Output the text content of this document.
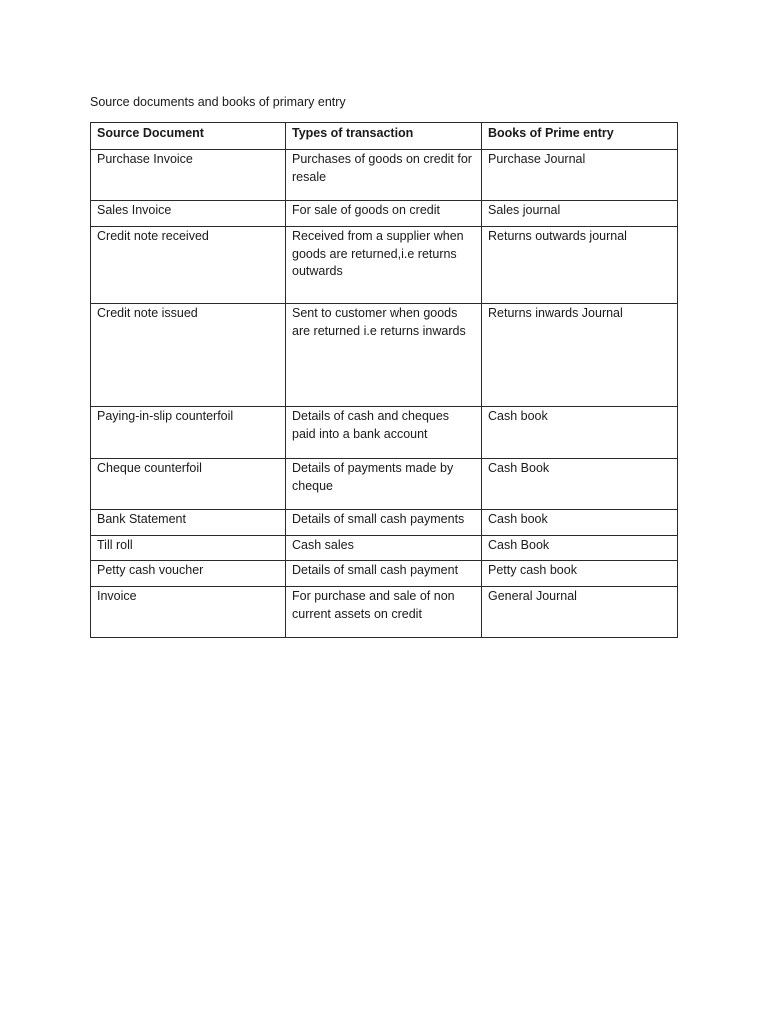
Source documents and books of primary entry
Source Document	Types of transaction	Books of Prime entry
Purchase Invoice	Purchases of goods on credit for resale	Purchase Journal
Sales Invoice	For sale of goods on credit	Sales journal
Credit note received	Received from a supplier when goods are returned,i.e returns outwards	Returns outwards journal
Credit note issued	Sent to customer when goods are returned i.e returns inwards	Returns inwards Journal
Paying-in-slip counterfoil	Details of cash and cheques paid into a bank account	Cash book
Cheque counterfoil	Details of payments made by cheque	Cash Book
Bank Statement	Details of small cash payments	Cash book
Till roll	Cash sales	Cash Book
Petty cash voucher	Details of small cash payment	Petty cash book
Invoice	For purchase and sale of non current assets on credit	General Journal
